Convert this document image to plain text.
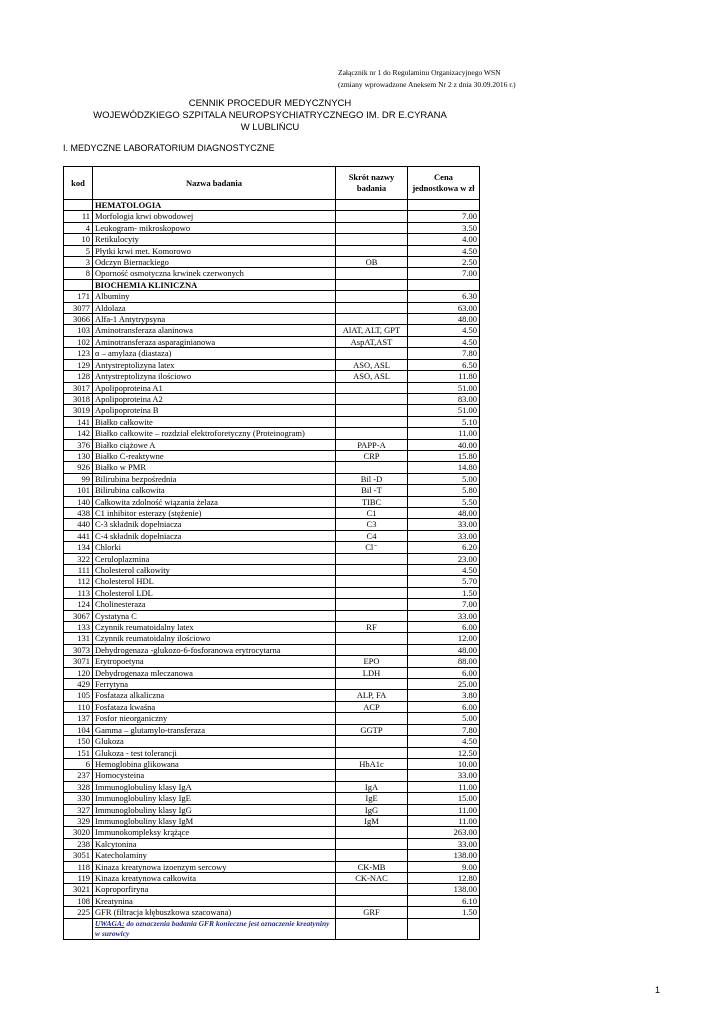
Załącznik nr 1 do Regulaminu Organizacyjnego WSN
(zmiany wprowadzone Aneksem Nr 2 z dnia 30.09.2016 r.)
CENNIK PROCEDUR MEDYCZNYCH
WOJEWÓDZKIEGO SZPITALA NEUROPSYCHIATRYCZNEGO IM. DR E.CYRANA
W LUBLIŃCU
I. MEDYCZNE LABORATORIUM DIAGNOSTYCZNE
kod	Nazwa badania	Skrót nazwy
badania	Cena
jednostkowa w zł
	HEMATOLOGIA		
11	Morfologia krwi obwodowej		7.00
4	Leukogram- mikroskopowo		3.50
10	Retikulocyty		4.00
5	Płytki krwi met. Komorowo		4.50
3	Odczyn Biernackiego	OB	2.50
8	Oporność osmotyczna krwinek czerwonych		7.00
	BIOCHEMIA KLINICZNA		
171	Albuminy		6.30
3077	Aldolaza		63.00
3066	Alfa-1 Antytrypsyna		48.00
103	Aminotransferaza alaninowa	AlAT, ALT, GPT	4.50
102	Aminotransferaza asparaginianowa	AspAT,AST	4.50
123	α – amylaza (diastaza)		7.80
129	Antystreptolizyna latex	ASO, ASL	6.50
128	Antystreptolizyna ilościowo	ASO, ASL	11.80
3017	Apolipoproteina A1		51.00
3018	Apolipoproteina A2		83.00
3019	Apolipoproteina B		51.00
141	Białko całkowite		5.10
142	Białko całkowite – rozdział elektroforetyczny (Proteinogram)		11.00
376	Białko ciążowe A	PAPP-A	40.00
130	Białko C-reaktywne	CRP	15.80
926	Białko w PMR		14.80
99	Bilirubina bezpośrednia	Bil -D	5.00
101	Bilirubina całkowita	Bil -T	5.80
140	Całkowita zdolność wiązania żelaza	TIBC	5.50
438	C1 inhibitor esterazy (stężenie)	C1	48.00
440	C-3 składnik dopełniacza	C3	33.00
441	C-4 składnik dopełniacza	C4	33.00
134	Chlorki	Cl⁻	6.20
322	Ceruloplazmina		23.00
111	Cholesterol całkowity		4.50
112	Cholesterol HDL		5.70
113	Cholesterol LDL		1.50
124	Cholinesteraza		7.00
3067	Cystatyna C		33.00
133	Czynnik reumatoidalny latex	RF	6.00
131	Czynnik reumatoidalny ilościowo		12.00
3073	Dehydrogenaza -glukozo-6-fosforanowa erytrocytarna		48.00
3071	Erytropoetyna	EPO	88.00
120	Dehydrogenaza mleczanowa	LDH	6.00
429	Ferrytyna		25.00
105	Fosfataza alkaliczna	ALP, FA	3.80
110	Fosfataza kwaśna	ACP	6.00
137	Fosfor nieorganiczny		5.00
104	Gamma – glutamylo-transferaza	GGTP	7.80
150	Glukoza		4.50
151	Glukoza - test tolerancji		12.50
6	Hemoglobina glikowana	HbA1c	10.00
237	Homocysteina		33.00
328	Immunoglobuliny klasy IgA	IgA	11.00
330	Immunoglobuliny klasy IgE	IgE	15.00
327	Immunoglobuliny klasy IgG	IgG	11.00
329	Immunoglobuliny klasy IgM	IgM	11.00
3020	Immunokompleksy krążące		263.00
238	Kalcytonina		33.00
3051	Katecholaminy		138.00
118	Kinaza kreatynowa izoenzym sercowy	CK-MB	9.00
119	Kinaza kreatynowa całkowita	CK-NAC	12.80
3021	Koproporfiryna		138.00
108	Kreatynina		6.10
225	GFR (filtracja kłębuszkowa szacowana)	GRF	1.50
	UWAGA: do oznaczenia badania GFR konieczne jest oznaczenie kreatyniny w surowicy		
1
